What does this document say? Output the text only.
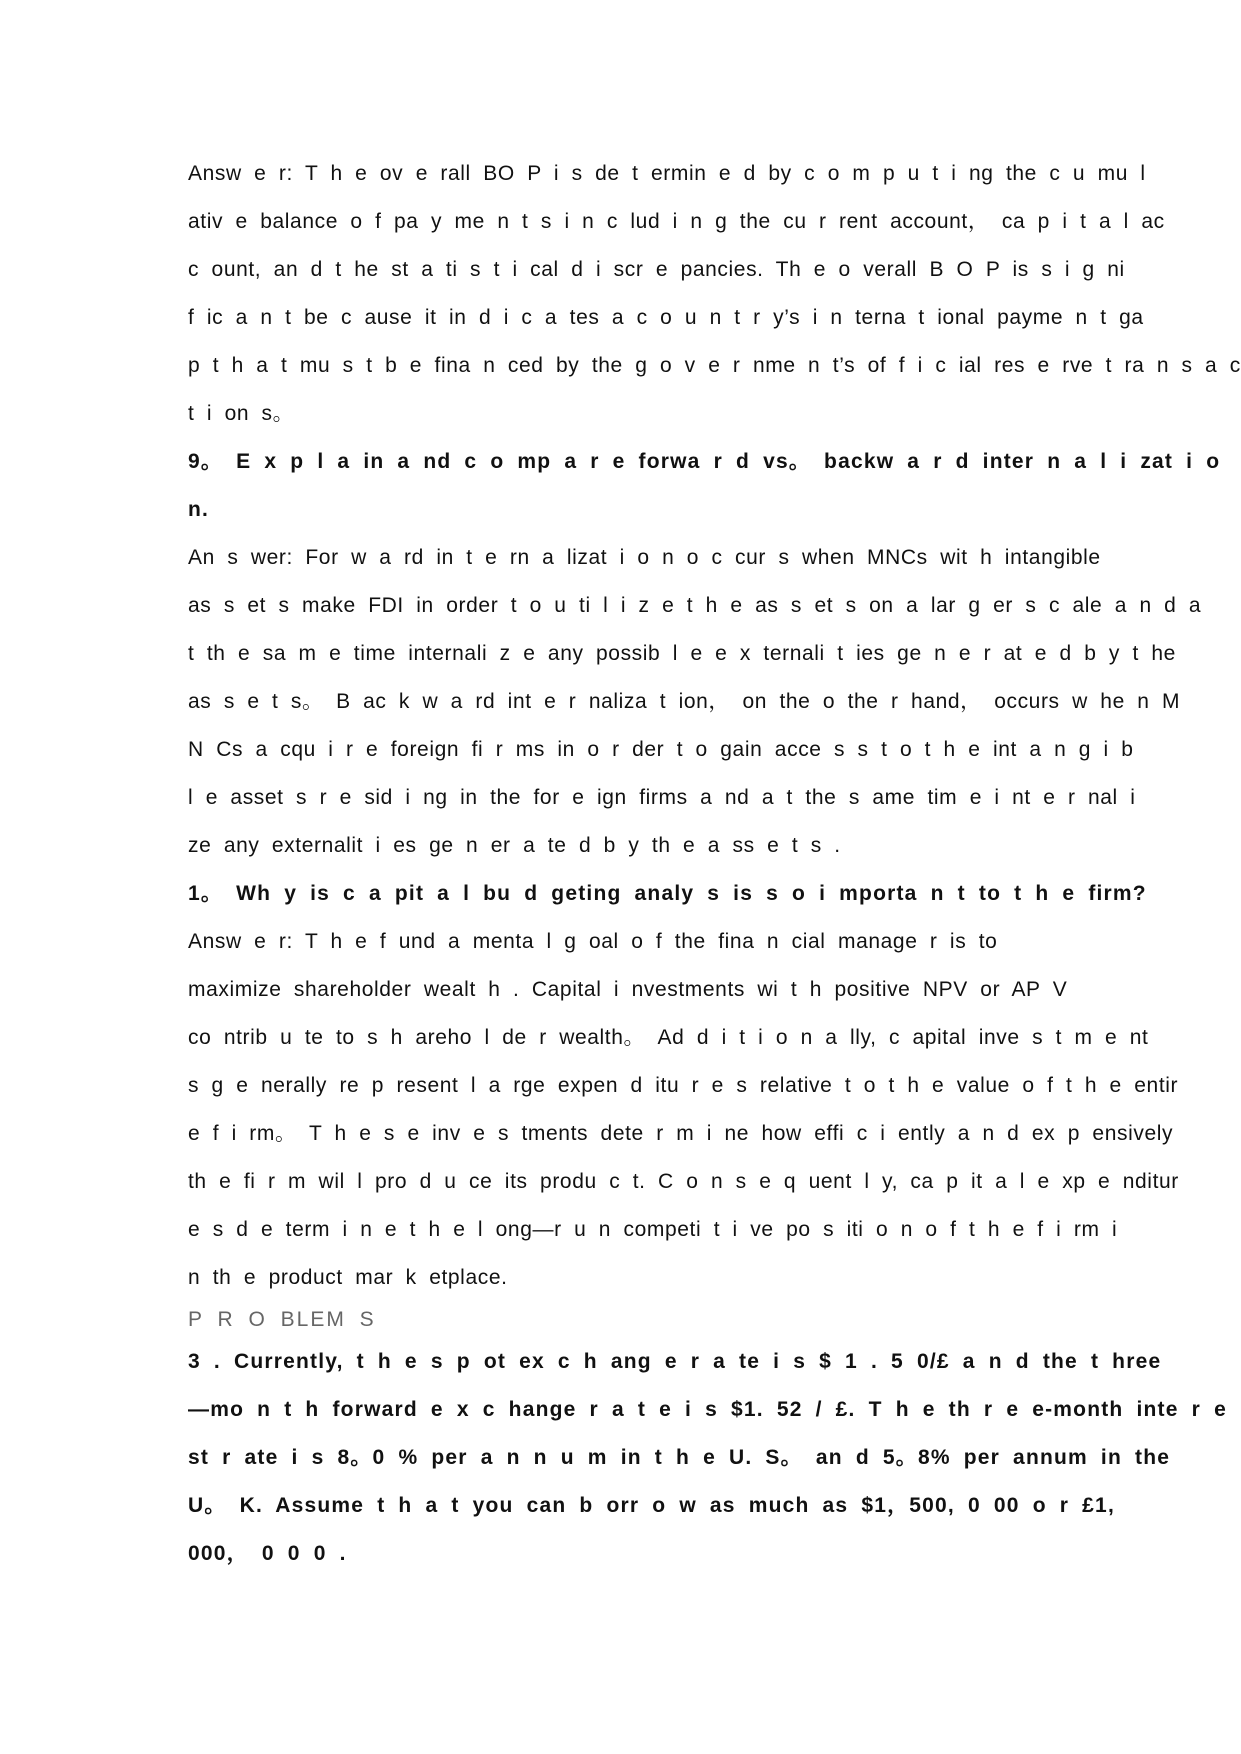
Answ e r: T h e ov e rall BO P i s de t ermin e d by c o m p u t i ng the c u mu l
ativ e balance o f pa y me n t s i n c lud i n g the cu r rent account， ca p i t a l ac
c ount, an d t he st a ti s t i cal d i scr e pancies. Th e o verall B O P is s i g ni
f ic a n t be c ause it in d i c a tes a c o u n t r y’s i n terna t ional payme n t ga
p t h a t mu s t b e fina n ced by the g o v e r nme n t’s of f i c ial res e rve t ra n s a c
t i on s。
9。 E x p l a in a nd c o mp a r e forwa r d vs。 backw a r d inter n a l i zat i o
n.
An s wer: For w a rd in t e rn a lizat i o n o c cur s when MNCs wit h intangible
as s et s make FDI in order t o u ti l i z e t h e as s et s on a lar g er s c ale a n d a
t th e sa m e time internali z e any possib l e e x ternali t ies ge n e r at e d b y t he
as s e t s。 B ac k w a rd int e r naliza t ion， on the o the r hand， occurs w he n M
N Cs a cqu i r e foreign fi r ms in o r der t o gain acce s s t o t h e int a n g i b
l e asset s r e sid i ng in the for e ign firms a nd a t the s ame tim e i nt e r nal i
ze any externalit i es ge n er a te d b y th e a ss e t s .
1。 Wh y is c a pit a l bu d geting analy s is s o i mporta n t to t h e firm?
Answ e r: T h e f und a menta l g oal o f the fina n cial manage r is to
maximize shareholder wealt h . Capital i nvestments wi t h positive NPV or AP V
co ntrib u te to s h areho l de r wealth。 Ad d i t i o n a lly, c apital inve s t m e nt
s g e nerally re p resent l a rge expen d itu r e s relative t o t h e value o f t h e entir
e f i rm。 T h e s e inv e s tments dete r m i ne how effi c i ently a n d ex p ensively
th e fi r m wil l pro d u ce its produ c t. C o n s e q uent l y, ca p it a l e xp e nditur
e s d e term i n e t h e l ong—r u n competi t i ve po s iti o n o f t h e f i rm i
n th e product mar k etplace.
P R O BLEM S
3 . Currently, t h e s p ot ex c h ang e r a te i s $ 1 . 5 0/£ a n d the t hree
—mo n t h forward e x c hange r a t e i s $1. 52 / £. T h e th r e e-month inte r e
st r ate i s 8。0 % per a n n u m in t h e U. S。 an d 5。8% per annum in the
U。 K. Assume t h a t you can b orr o w as much as $1，500, 0 00 o r £1,
000， 0 0 0 .
